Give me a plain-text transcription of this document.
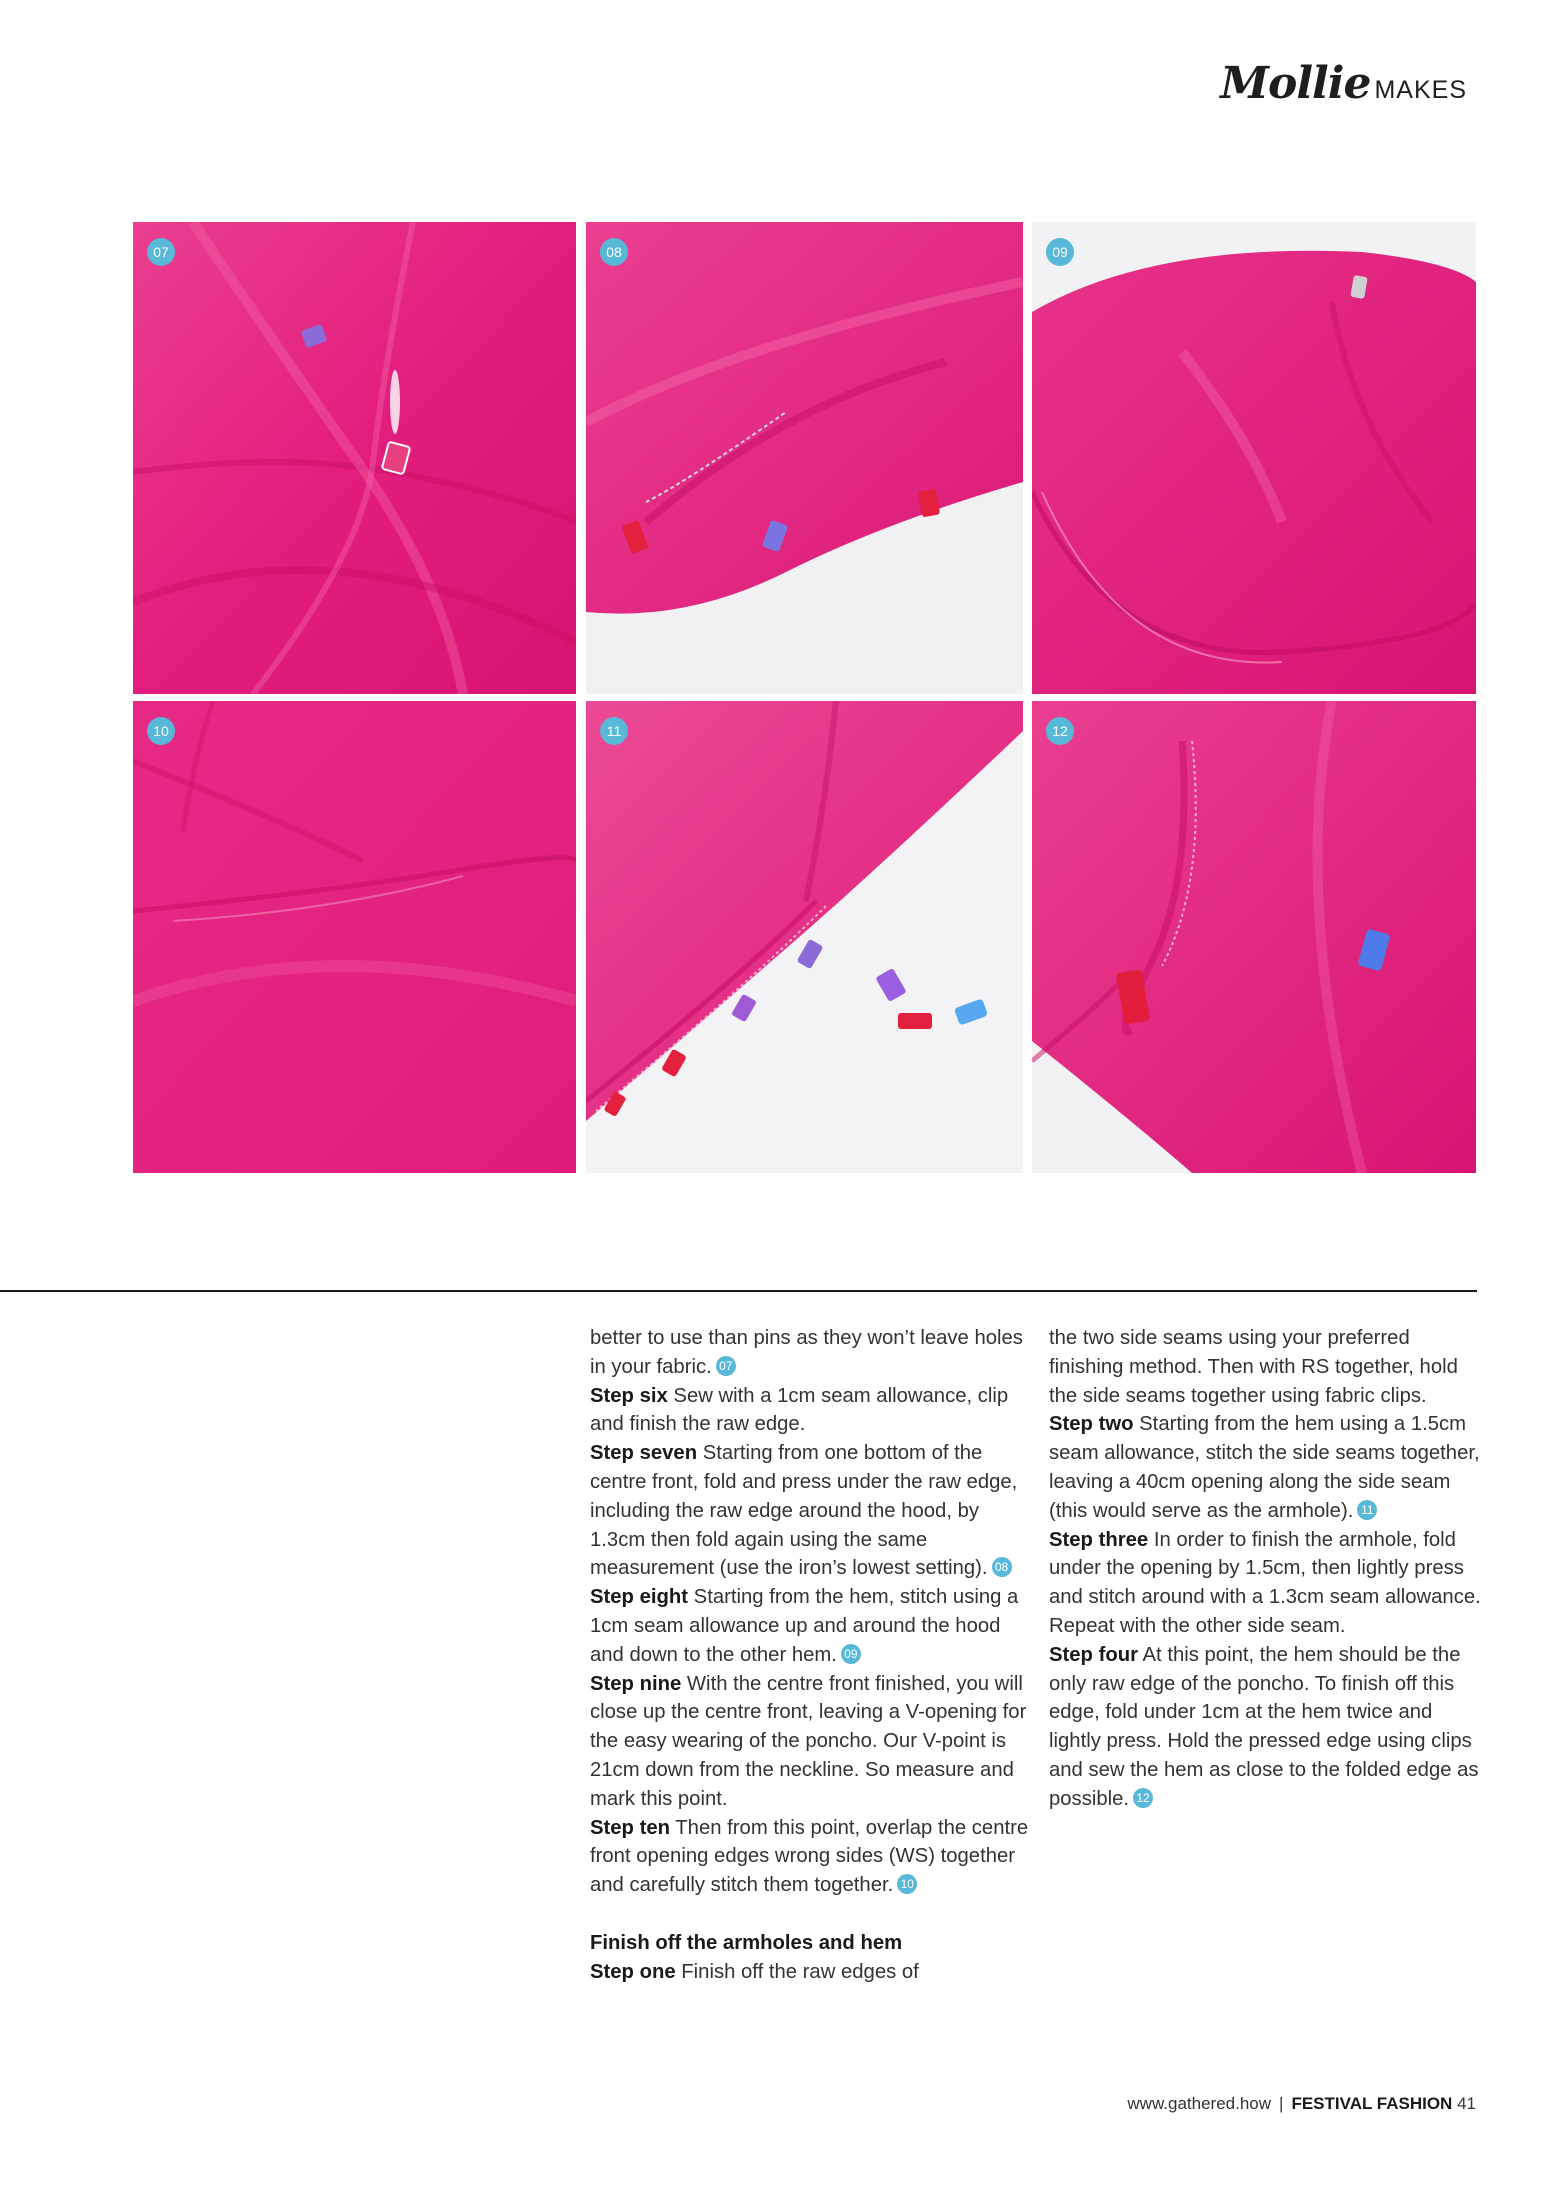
Mollie MAKES
07	08	09
10	11	12

better to use than pins as they won’t leave holes in your fabric. 07

Step six Sew with a 1cm seam allowance, clip and finish the raw edge.

Step seven Starting from one bottom of the centre front, fold and press under the raw edge, including the raw edge around the hood, by 1.3cm then fold again using the same measurement (use the iron’s lowest setting). 08

Step eight Starting from the hem, stitch using a 1cm seam allowance up and around the hood and down to the other hem. 09

Step nine With the centre front finished, you will close up the centre front, leaving a V-opening for the easy wearing of the poncho. Our V-point is 21cm down from the neckline. So measure and mark this point.

Step ten Then from this point, overlap the centre front opening edges wrong sides (WS) together and carefully stitch them together. 10

Finish off the armholes and hem

Step one Finish off the raw edges of

the two side seams using your preferred finishing method. Then with RS together, hold the side seams together using fabric clips.

Step two Starting from the hem using a 1.5cm seam allowance, stitch the side seams together, leaving a 40cm opening along the side seam (this would serve as the armhole). 11

Step three In order to finish the armhole, fold under the opening by 1.5cm, then lightly press and stitch around with a 1.3cm seam allowance. Repeat with the other side seam.

Step four At this point, the hem should be the only raw edge of the poncho. To finish off this edge, fold under 1cm at the hem twice and lightly press. Hold the pressed edge using clips and sew the hem as close to the folded edge as possible. 12

www.gathered.how | FESTIVAL FASHION 41
